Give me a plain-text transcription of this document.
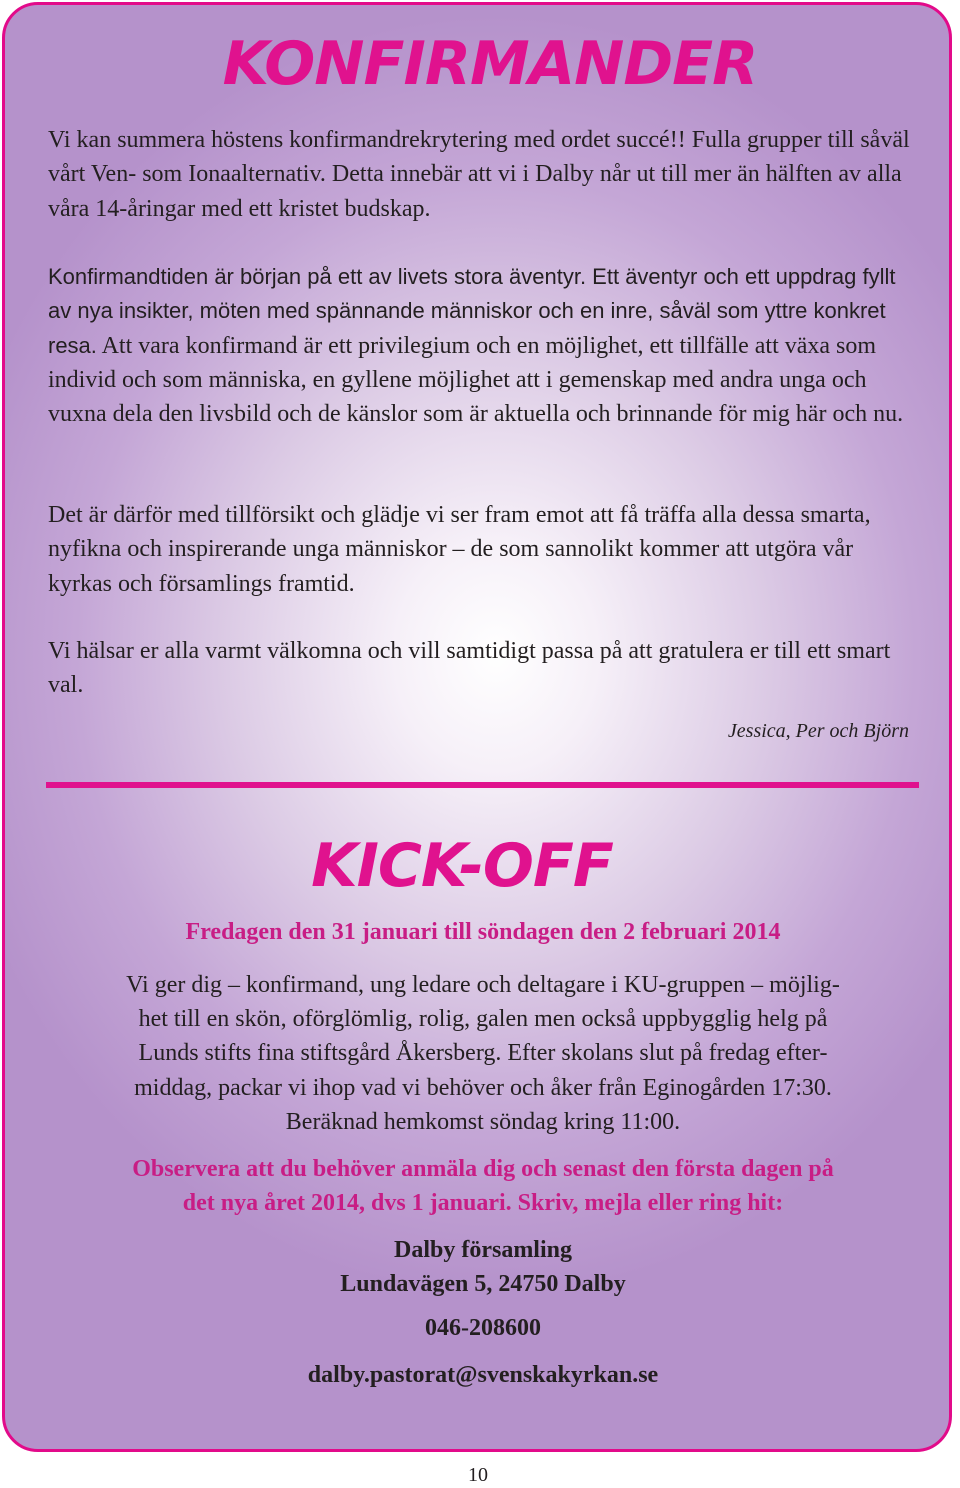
KONFIRMANDER

Vi kan summera höstens konfirmandrekrytering med ordet succé!! Fulla grupper till såväl vårt Ven- som Ionaalternativ. Detta innebär att vi i Dalby når ut till mer än hälften av alla våra 14-åringar med ett kristet budskap.

Konfirmandtiden är början på ett av livets stora äventyr. Ett äventyr och ett uppdrag fyllt av nya insikter, möten med spännande människor och en inre, såväl som yttre konkret resa. Att vara konfirmand är ett privilegium och en möjlighet, ett tillfälle att växa som individ och som människa, en gyllene möjlighet att i gemenskap med andra unga och vuxna dela den livsbild och de känslor som är aktuella och brinnande för mig här och nu.

Det är därför med tillförsikt och glädje vi ser fram emot att få träffa alla dessa smarta, nyfikna och inspirerande unga människor – de som sannolikt kommer att utgöra vår kyrkas och församlings framtid.

Vi hälsar er alla varmt välkomna och vill samtidigt passa på att gratulera er till ett smart val.

Jessica, Per och Björn

KICK-OFF

Fredagen den 31 januari till söndagen den 2 februari 2014

Vi ger dig – konfirmand, ung ledare och deltagare i KU-gruppen – möjlig-
het till en skön, oförglömlig, rolig, galen men också uppbygglig helg på
Lunds stifts fina stiftsgård Åkersberg. Efter skolans slut på fredag efter-
middag, packar vi ihop vad vi behöver och åker från Eginogården 17:30.
Beräknad hemkomst söndag kring 11:00.

Observera att du behöver anmäla dig och senast den första dagen på
det nya året 2014, dvs 1 januari. Skriv, mejla eller ring hit:

Dalby församling
Lundavägen 5, 24750 Dalby

046-208600

dalby.pastorat@svenskakyrkan.se

10
